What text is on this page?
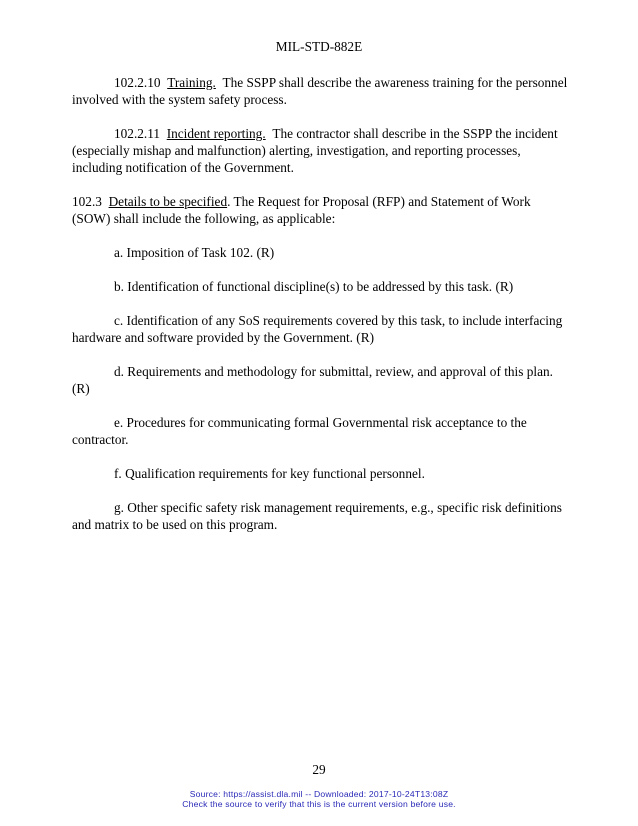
MIL-STD-882E

102.2.10 Training. The SSPP shall describe the awareness training for the personnel involved with the system safety process.

102.2.11 Incident reporting. The contractor shall describe in the SSPP the incident (especially mishap and malfunction) alerting, investigation, and reporting processes, including notification of the Government.

102.3 Details to be specified. The Request for Proposal (RFP) and Statement of Work (SOW) shall include the following, as applicable:

a. Imposition of Task 102. (R)

b. Identification of functional discipline(s) to be addressed by this task. (R)

c. Identification of any SoS requirements covered by this task, to include interfacing hardware and software provided by the Government. (R)

d. Requirements and methodology for submittal, review, and approval of this plan. (R)

e. Procedures for communicating formal Governmental risk acceptance to the contractor.

f. Qualification requirements for key functional personnel.

g. Other specific safety risk management requirements, e.g., specific risk definitions and matrix to be used on this program.

29
Source: https://assist.dla.mil -- Downloaded: 2017-10-24T13:08Z
Check the source to verify that this is the current version before use.
